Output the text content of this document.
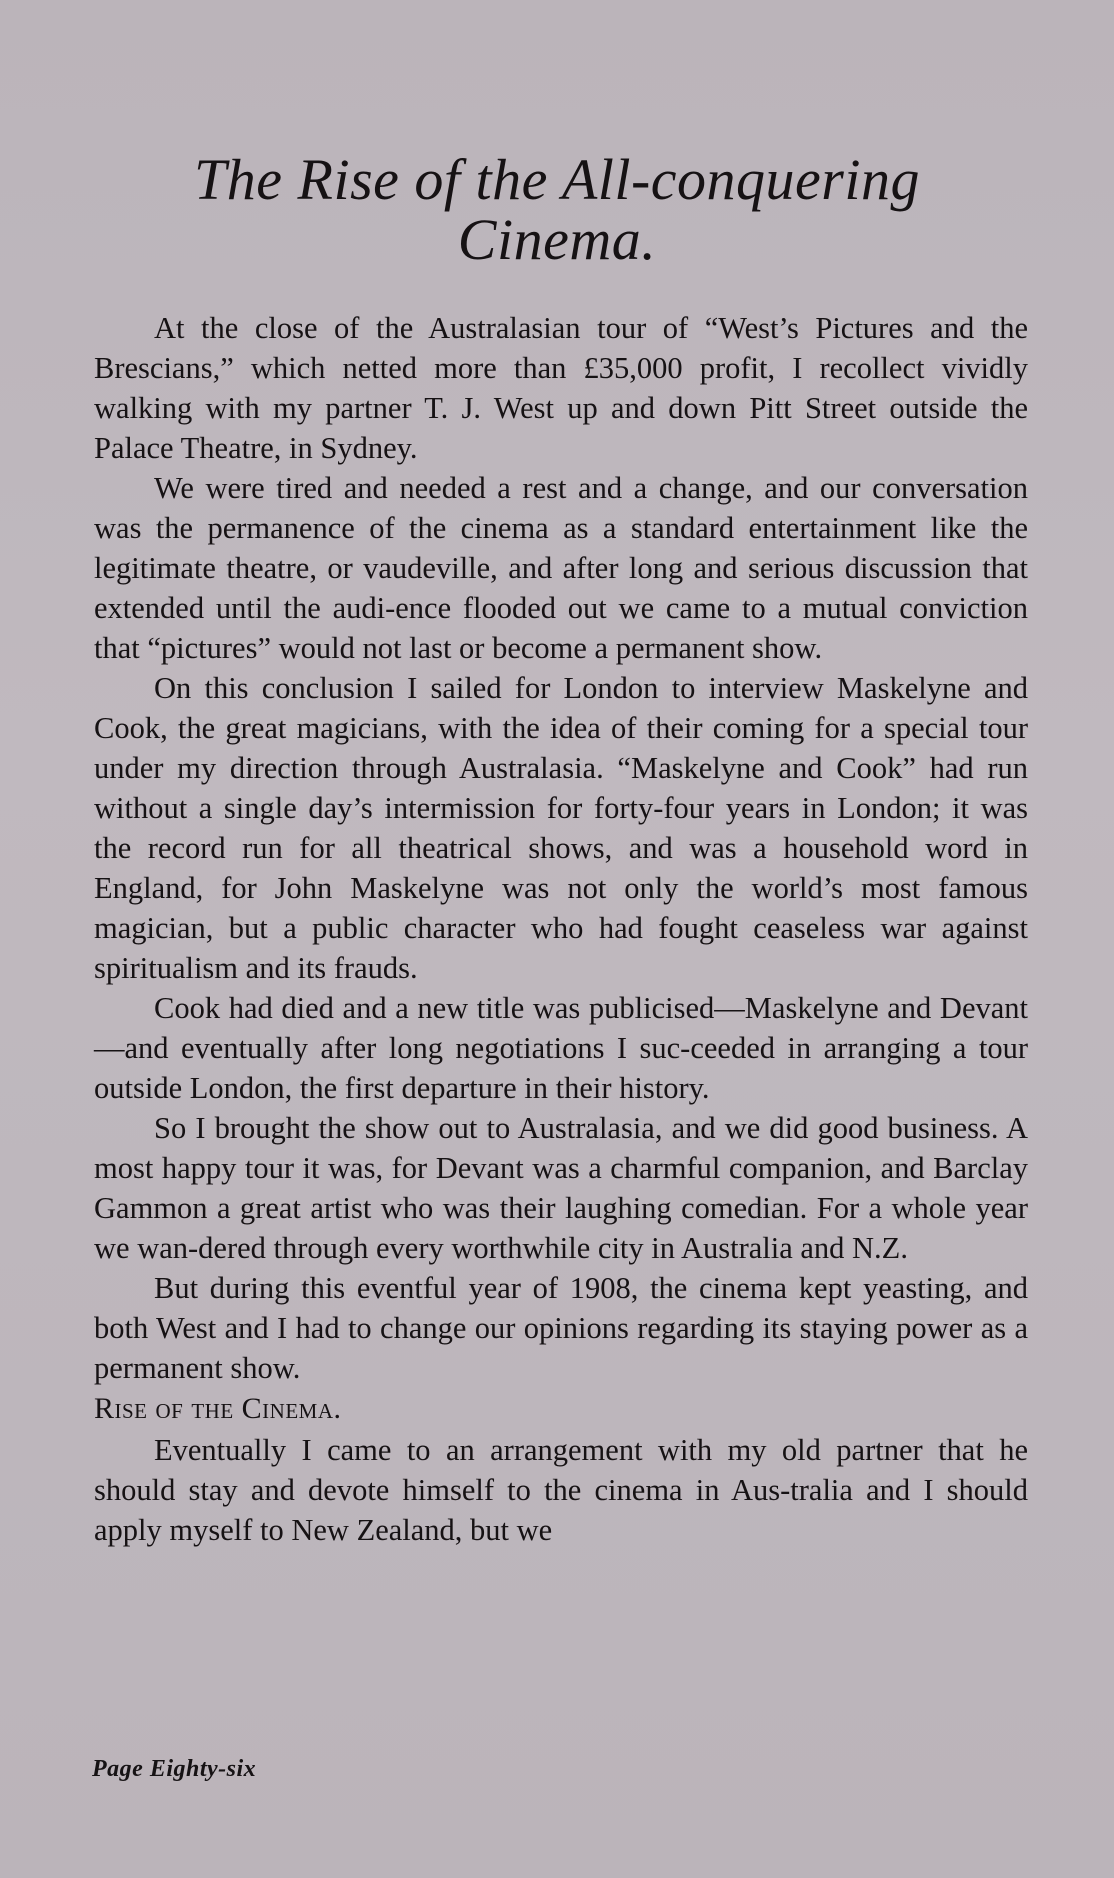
The Rise of the All-conquering
Cinema.

At the close of the Australasian tour of “West’s Pictures and the Brescians,” which netted more than £35,000 profit, I recollect vividly walking with my partner T. J. West up and down Pitt Street outside the Palace Theatre, in Sydney.

We were tired and needed a rest and a change, and our conversation was the permanence of the cinema as a standard entertainment like the legitimate theatre, or vaudeville, and after long and serious discussion that extended until the audi-ence flooded out we came to a mutual conviction that “pictures” would not last or become a permanent show.

On this conclusion I sailed for London to interview Maskelyne and Cook, the great magicians, with the idea of their coming for a special tour under my direction through Australasia. “Maskelyne and Cook” had run without a single day’s intermission for forty-four years in London; it was the record run for all theatrical shows, and was a household word in England, for John Maskelyne was not only the world’s most famous magician, but a public character who had fought ceaseless war against spiritualism and its frauds.

Cook had died and a new title was publicised—Maskelyne and Devant—and eventually after long negotiations I suc-ceeded in arranging a tour outside London, the first departure in their history.

So I brought the show out to Australasia, and we did good business. A most happy tour it was, for Devant was a charmful companion, and Barclay Gammon a great artist who was their laughing comedian. For a whole year we wan-dered through every worthwhile city in Australia and N.Z.

But during this eventful year of 1908, the cinema kept yeasting, and both West and I had to change our opinions regarding its staying power as a permanent show.

Rise of the Cinema.

Eventually I came to an arrangement with my old partner that he should stay and devote himself to the cinema in Aus-tralia and I should apply myself to New Zealand, but we

Page Eighty-six
